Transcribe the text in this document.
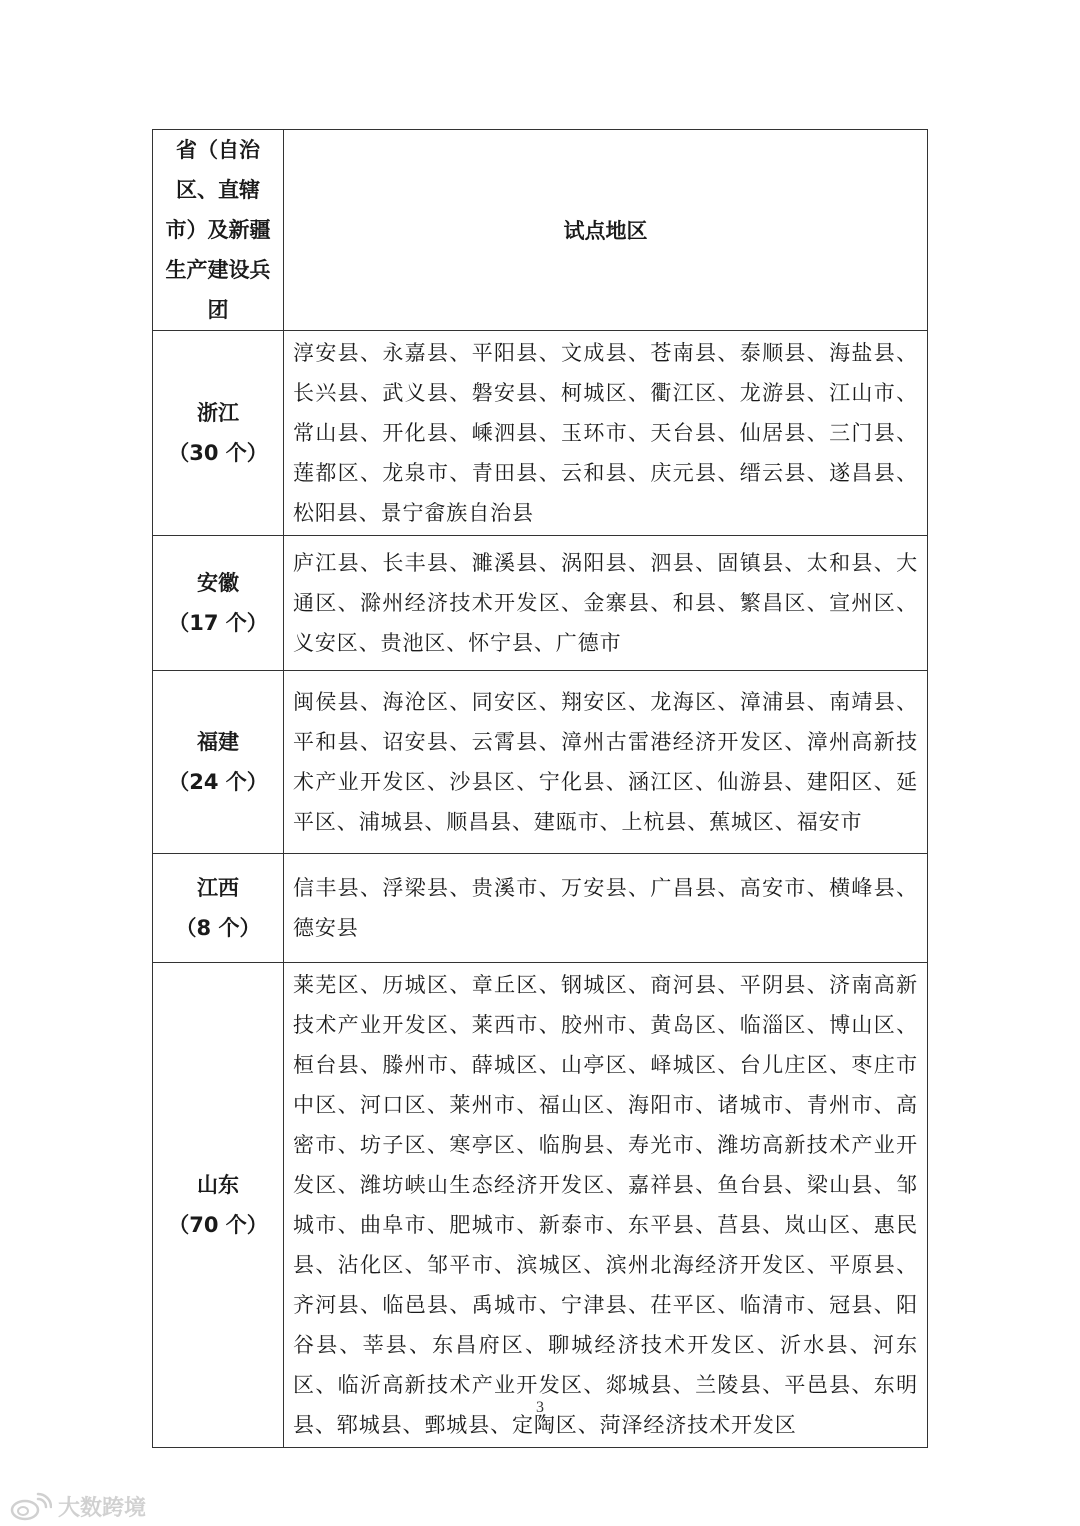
省（自治区、直辖市）及新疆生产建设兵团	试点地区
浙江
（30 个）	淳安县、永嘉县、平阳县、文成县、苍南县、泰顺县、海盐县、长兴县、武义县、磐安县、柯城区、衢江区、龙游县、江山市、常山县、开化县、嵊泗县、玉环市、天台县、仙居县、三门县、莲都区、龙泉市、青田县、云和县、庆元县、缙云县、遂昌县、松阳县、景宁畲族自治县
安徽
（17 个）	庐江县、长丰县、濉溪县、涡阳县、泗县、固镇县、太和县、大通区、滁州经济技术开发区、金寨县、和县、繁昌区、宣州区、义安区、贵池区、怀宁县、广德市
福建
（24 个）	闽侯县、海沧区、同安区、翔安区、龙海区、漳浦县、南靖县、平和县、诏安县、云霄县、漳州古雷港经济开发区、漳州高新技术产业开发区、沙县区、宁化县、涵江区、仙游县、建阳区、延平区、浦城县、顺昌县、建瓯市、上杭县、蕉城区、福安市
江西
（8 个）	信丰县、浮梁县、贵溪市、万安县、广昌县、高安市、横峰县、德安县
山东
（70 个）	莱芜区、历城区、章丘区、钢城区、商河县、平阴县、济南高新技术产业开发区、莱西市、胶州市、黄岛区、临淄区、博山区、桓台县、滕州市、薛城区、山亭区、峄城区、台儿庄区、枣庄市中区、河口区、莱州市、福山区、海阳市、诸城市、青州市、高密市、坊子区、寒亭区、临朐县、寿光市、潍坊高新技术产业开发区、潍坊峡山生态经济开发区、嘉祥县、鱼台县、梁山县、邹城市、曲阜市、肥城市、新泰市、东平县、莒县、岚山区、惠民县、沾化区、邹平市、滨城区、滨州北海经济开发区、平原县、齐河县、临邑县、禹城市、宁津县、茌平区、临清市、冠县、阳谷县、莘县、东昌府区、聊城经济技术开发区、沂水县、河东区、临沂高新技术产业开发区、郯城县、兰陵县、平邑县、东明县、郓城县、鄄城县、定陶区、菏泽经济技术开发区
3
大数跨境
